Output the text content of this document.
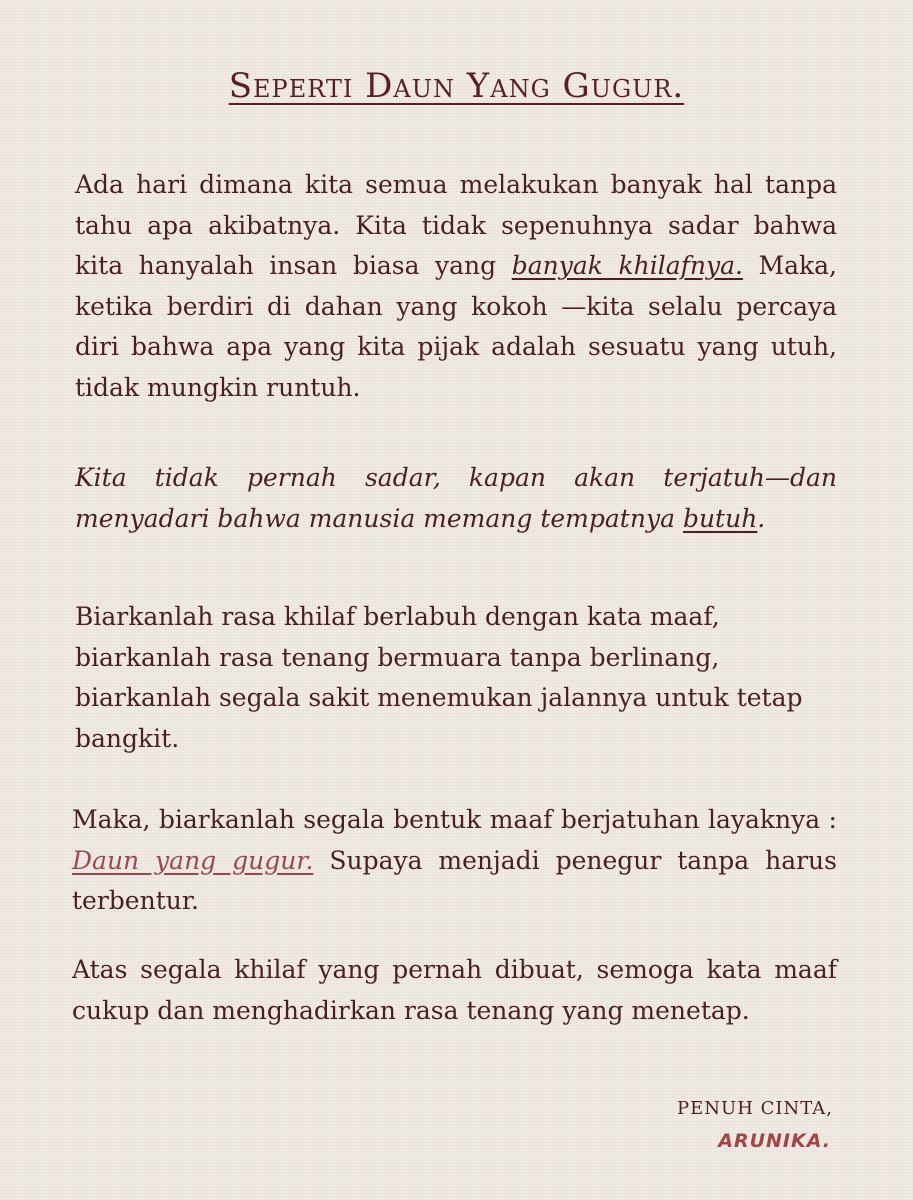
Seperti Daun Yang Gugur.

Ada hari dimana kita semua melakukan banyak hal tanpa tahu apa akibatnya. Kita tidak sepenuhnya sadar bahwa kita hanyalah insan biasa yang banyak khilafnya. Maka, ketika berdiri di dahan yang kokoh —kita selalu percaya diri bahwa apa yang kita pijak adalah sesuatu yang utuh, tidak mungkin runtuh.

Kita tidak pernah sadar, kapan akan terjatuh—dan menyadari bahwa manusia memang tempatnya butuh.

Biarkanlah rasa khilaf berlabuh dengan kata maaf,
biarkanlah rasa tenang bermuara tanpa berlinang,
biarkanlah segala sakit menemukan jalannya untuk tetap bangkit.

Maka, biarkanlah segala bentuk maaf berjatuhan layaknya : Daun yang gugur. Supaya menjadi penegur tanpa harus terbentur.

Atas segala khilaf yang pernah dibuat, semoga kata maaf cukup dan menghadirkan rasa tenang yang menetap.

PENUH CINTA,
ARUNIKA.
